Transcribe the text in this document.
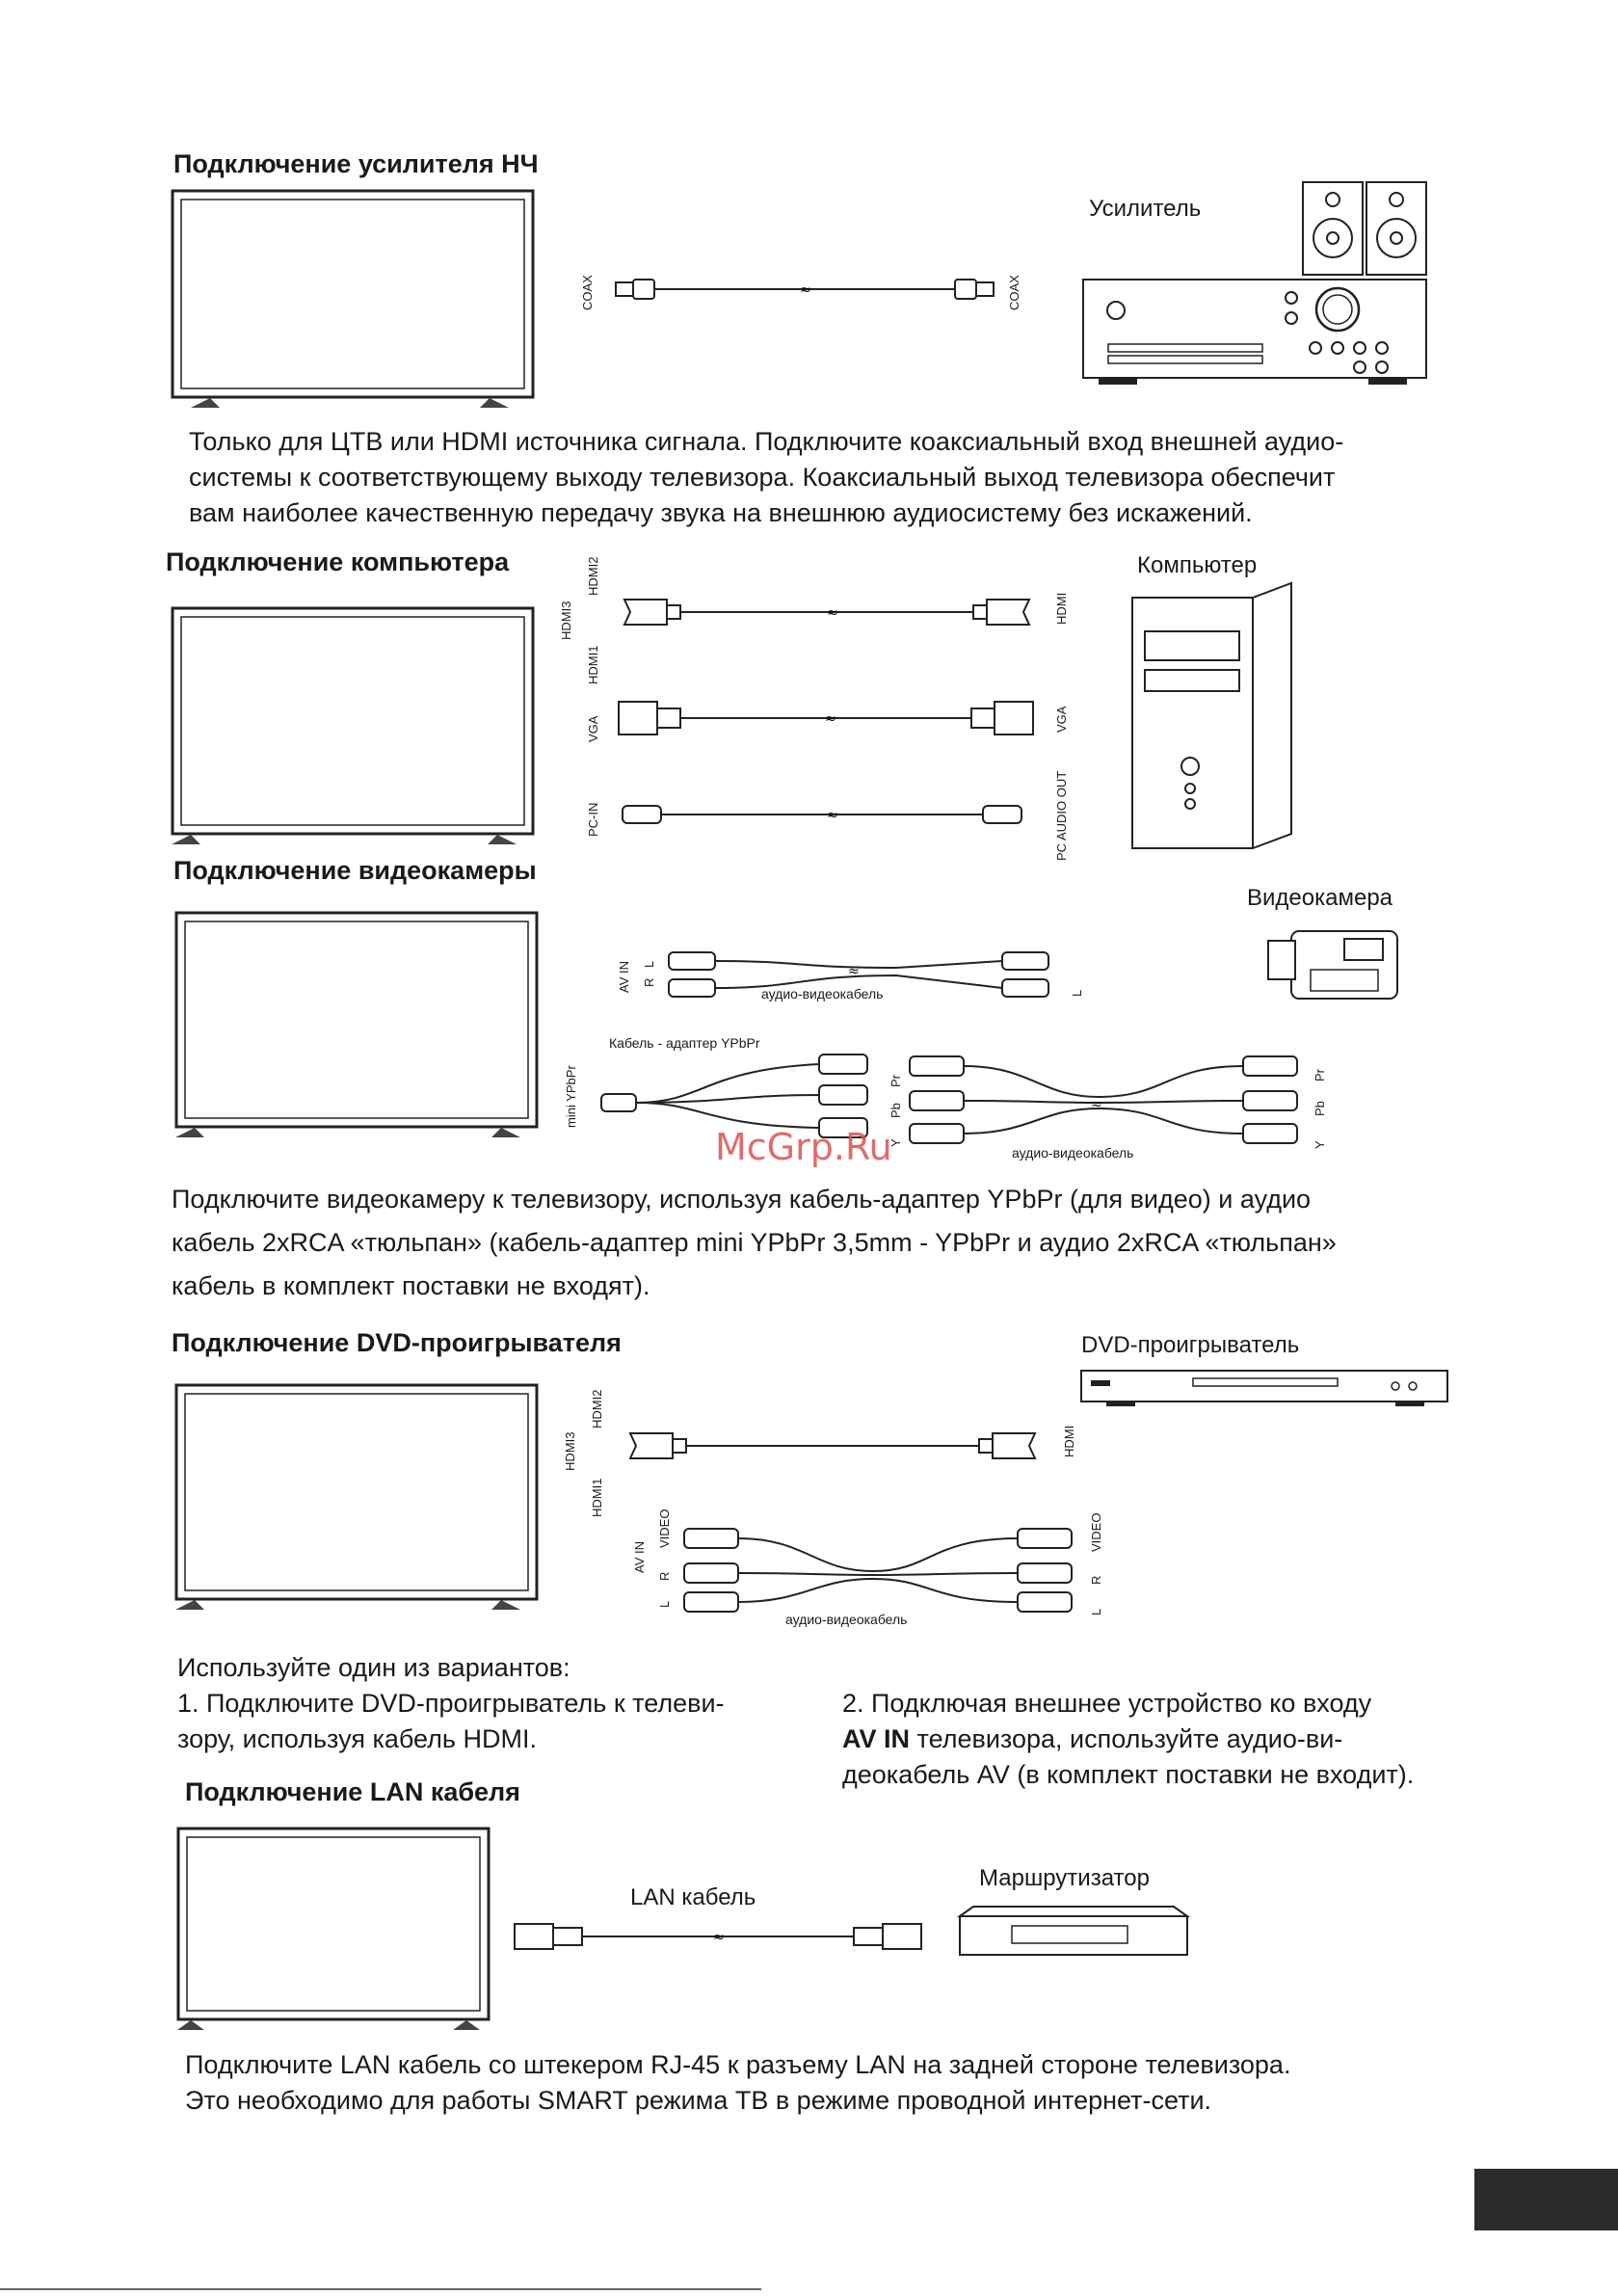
Подключение усилителя НЧ
COAX	≈	COAX
Усилитель
Только для ЦТВ или HDMI источника сигнала. Подключите коаксиальный вход внешней аудио-
системы к соответствующему выходу телевизора. Коаксиальный выход телевизора обеспечит
вам наиболее качественную передачу звука на внешнюю аудиосистему без искажений.
Подключение компьютера	HDMI2
HDMI3
HDMI1
VGA
PC-IN
≈
≈
≈
HDMI
VGA
PC AUDIO OUT
Компьютер
Подключение видеокамеры
AV IN L
R
≈
L
аудио-видеокабель
Видеокамера
Кабель - адаптер YPbPr
mini YPbPr	Pr
Pb
Y
≈
Pr
Pb
Y
аудио-видеокабель
McGrp.Ru
Подключите видеокамеру к телевизору, используя кабель-адаптер YPbPr (для видео) и аудио
кабель 2xRCA «тюльпан» (кабель-адаптер mini YPbPr 3,5mm - YPbPr и аудио 2xRCA «тюльпан»
кабель в комплект поставки не входят).
Подключение DVD-проигрывателя	DVD-проигрыватель
HDMI2
HDMI3
HDMI1
HDMI
AV IN
VIDEO
R
L
VIDEO
R
L
аудио-видеокабель
Используйте один из вариантов:
1. Подключите DVD-проигрыватель к телеви-
зору, используя кабель HDMI.
2. Подключая внешнее устройство ко входу
AV IN телевизора, используйте аудио-ви-
деокабель AV (в комплект поставки не входит).
Подключение LAN кабеля
LAN кабель
≈
Маршрутизатор
Подключите LAN кабель со штекером RJ-45 к разъему LAN на задней стороне телевизора.
Это необходимо для работы SMART режима ТВ в режиме проводной интернет-сети.
